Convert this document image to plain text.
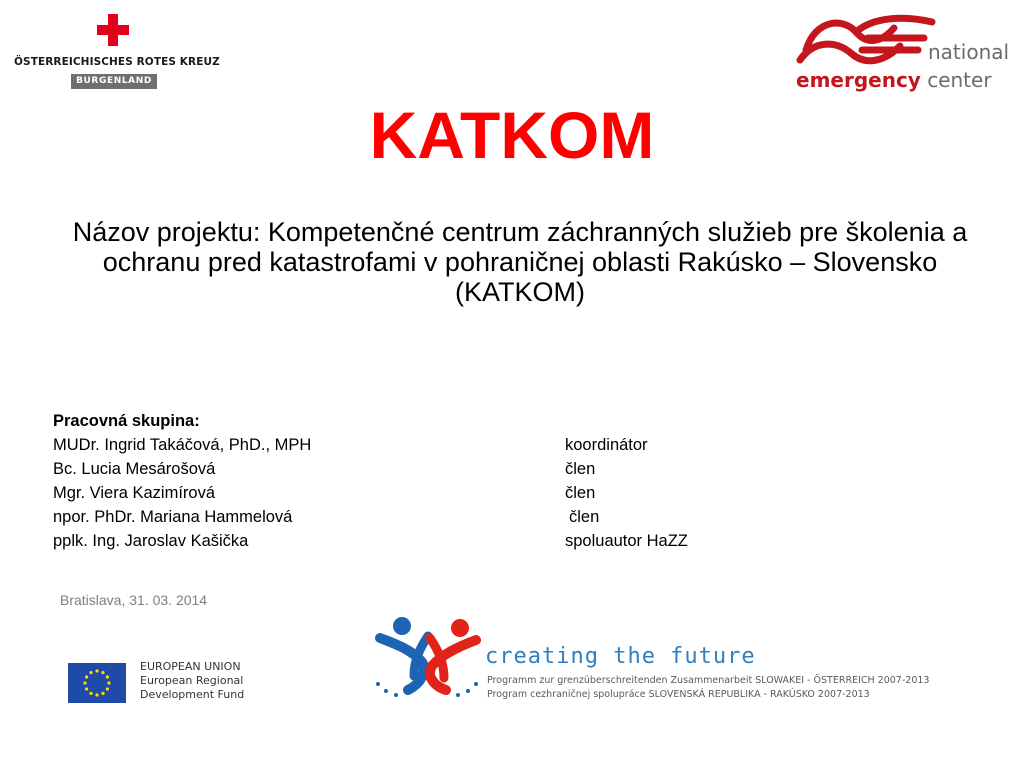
ÖSTERREICHISCHES ROTES KREUZ
BURGENLAND
national
emergency center
KATKOM
Názov projektu: Kompetenčné centrum záchranných služieb pre školenia a ochranu pred katastrofami v pohraničnej oblasti Rakúsko – Slovensko (KATKOM)
Pracovná skupina:
MUDr. Ingrid Takáčová, PhD., MPH	koordinátor
Bc. Lucia Mesárošová	člen
Mgr. Viera Kazimírová	člen
npor. PhDr. Mariana Hammelová	člen
pplk. Ing. Jaroslav Kašička	spoluautor HaZZ
Bratislava, 31. 03. 2014
EUROPEAN UNION
European Regional
Development Fund
creating the future
Programm zur grenzüberschreitenden Zusammenarbeit SLOWAKEI - ÖSTERREICH 2007-2013
Program cezhraničnej spolupráce SLOVENSKÁ REPUBLIKA - RAKÚSKO 2007-2013
